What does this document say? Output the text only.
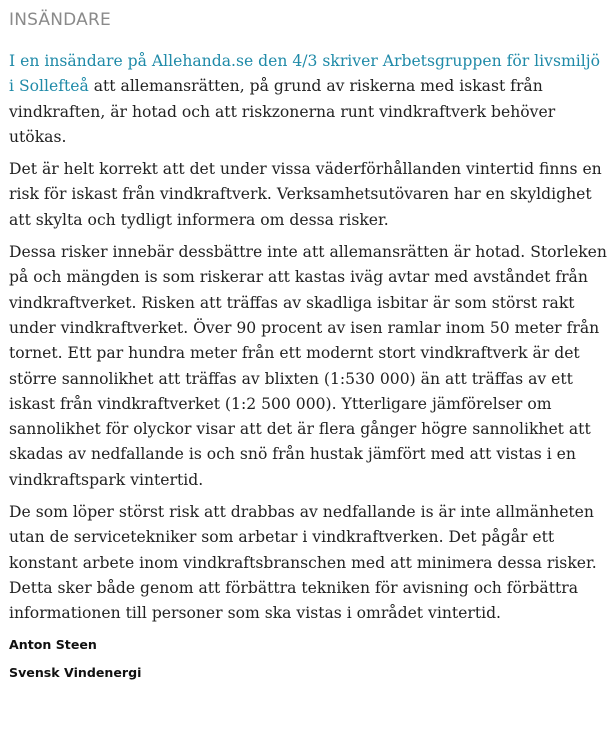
INSÄNDARE

I en insändare på Allehanda.se den 4/3 skriver Arbetsgruppen för livsmiljö i Sollefteå att allemansrätten, på grund av riskerna med iskast från vindkraften, är hotad och att riskzonerna runt vindkraftverk behöver utökas.

Det är helt korrekt att det under vissa väderförhållanden vintertid finns en risk för iskast från vindkraftverk. Verksamhetsutövaren har en skyldighet att skylta och tydligt informera om dessa risker.

Dessa risker innebär dessbättre inte att allemansrätten är hotad. Storleken på och mängden is som riskerar att kastas iväg avtar med avståndet från vindkraftverket. Risken att träffas av skadliga isbitar är som störst rakt under vindkraftverket. Över 90 procent av isen ramlar inom 50 meter från tornet. Ett par hundra meter från ett modernt stort vindkraftverk är det större sannolikhet att träffas av blixten (1:530 000) än att träffas av ett iskast från vindkraftverket (1:2 500 000). Ytterligare jämförelser om sannolikhet för olyckor visar att det är flera gånger högre sannolikhet att skadas av nedfallande is och snö från hustak jämfört med att vistas i en vindkraftspark vintertid.

De som löper störst risk att drabbas av nedfallande is är inte allmänheten utan de servicetekniker som arbetar i vindkraftverken. Det pågår ett konstant arbete inom vindkraftsbranschen med att minimera dessa risker. Detta sker både genom att förbättra tekniken för avisning och förbättra informationen till personer som ska vistas i området vintertid.

Anton Steen

Svensk Vindenergi
